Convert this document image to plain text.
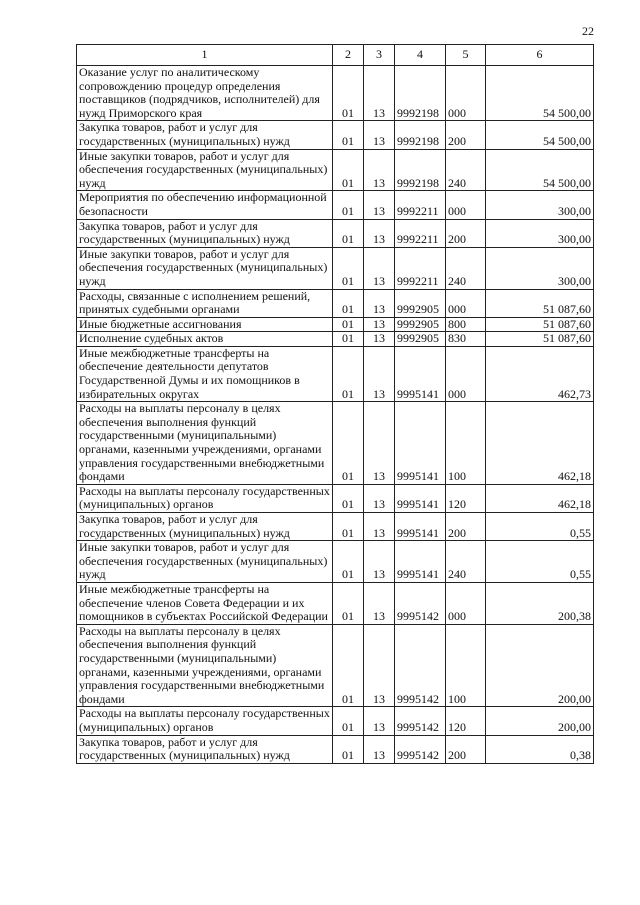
22
1	2	3	4	5	6
Оказание услуг по аналитическому сопровождению процедур определения поставщиков (подрядчиков, исполнителей) для нужд Приморского края	01	13	9992198	000	54 500,00
Закупка товаров, работ и услуг для государственных (муниципальных) нужд	01	13	9992198	200	54 500,00
Иные закупки товаров, работ и услуг для обеспечения государственных (муниципальных) нужд	01	13	9992198	240	54 500,00
Мероприятия по обеспечению информационной безопасности	01	13	9992211	000	300,00
Закупка товаров, работ и услуг для государственных (муниципальных) нужд	01	13	9992211	200	300,00
Иные закупки товаров, работ и услуг для обеспечения государственных (муниципальных) нужд	01	13	9992211	240	300,00
Расходы, связанные с исполнением решений, принятых судебными органами	01	13	9992905	000	51 087,60
Иные бюджетные ассигнования	01	13	9992905	800	51 087,60
Исполнение судебных актов	01	13	9992905	830	51 087,60
Иные межбюджетные трансферты на обеспечение деятельности депутатов Государственной Думы и их помощников в избирательных округах	01	13	9995141	000	462,73
Расходы на выплаты персоналу в целях обеспечения выполнения функций государственными (муниципальными) органами, казенными учреждениями, органами управления государственными внебюджетными фондами	01	13	9995141	100	462,18
Расходы на выплаты персоналу государственных (муниципальных) органов	01	13	9995141	120	462,18
Закупка товаров, работ и услуг для государственных (муниципальных) нужд	01	13	9995141	200	0,55
Иные закупки товаров, работ и услуг для обеспечения государственных (муниципальных) нужд	01	13	9995141	240	0,55
Иные межбюджетные трансферты на обеспечение членов Совета Федерации и их помощников в субъектах Российской Федерации	01	13	9995142	000	200,38
Расходы на выплаты персоналу в целях обеспечения выполнения функций государственными (муниципальными) органами, казенными учреждениями, органами управления государственными внебюджетными фондами	01	13	9995142	100	200,00
Расходы на выплаты персоналу государственных (муниципальных) органов	01	13	9995142	120	200,00
Закупка товаров, работ и услуг для государственных (муниципальных) нужд	01	13	9995142	200	0,38
